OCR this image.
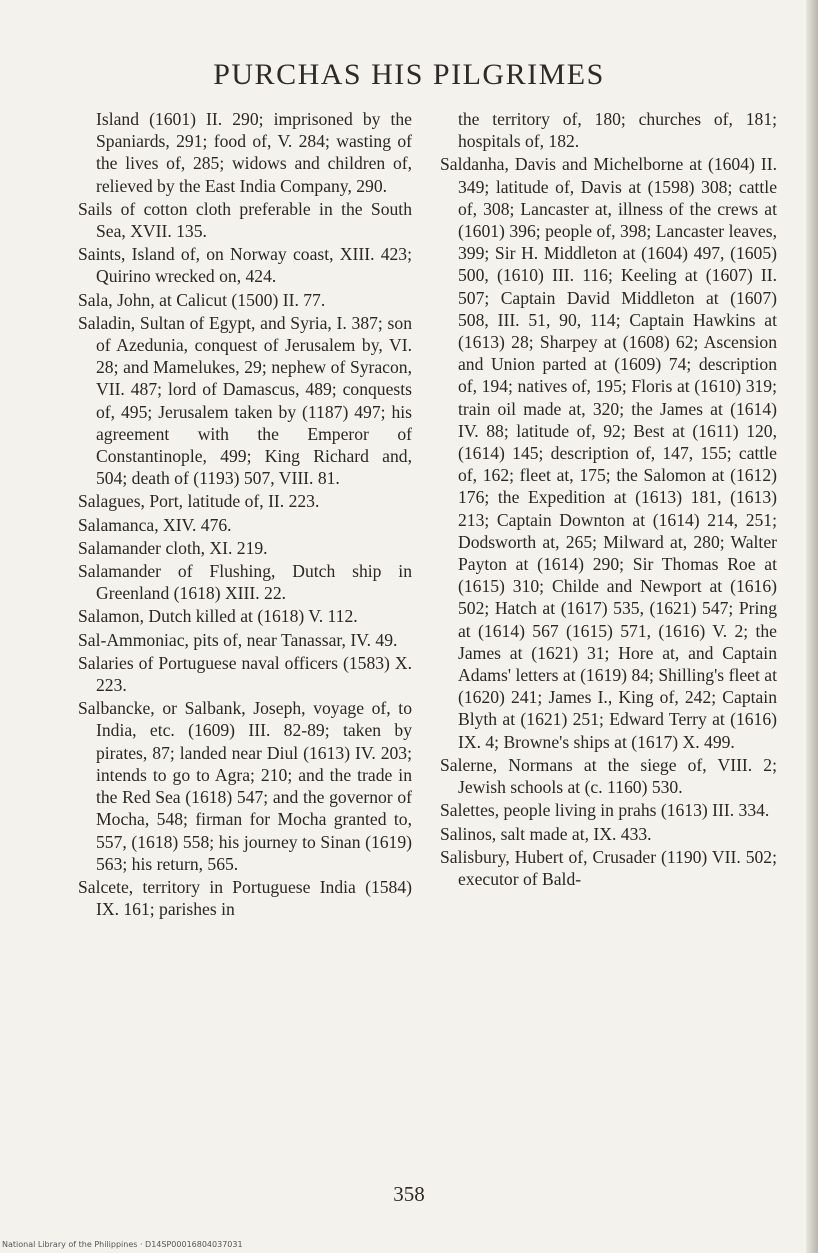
PURCHAS HIS PILGRIMES

Island (1601) II. 290; imprisoned by the Spaniards, 291; food of, V. 284; wasting of the lives of, 285; widows and children of, relieved by the East India Company, 290.

Sails of cotton cloth preferable in the South Sea, XVII. 135.

Saints, Island of, on Norway coast, XIII. 423; Quirino wrecked on, 424.

Sala, John, at Calicut (1500) II. 77.

Saladin, Sultan of Egypt, and Syria, I. 387; son of Azedunia, conquest of Jerusalem by, VI. 28; and Mamelukes, 29; nephew of Syracon, VII. 487; lord of Damascus, 489; conquests of, 495; Jerusalem taken by (1187) 497; his agreement with the Emperor of Constantinople, 499; King Richard and, 504; death of (1193) 507, VIII. 81.

Salagues, Port, latitude of, II. 223.

Salamanca, XIV. 476.

Salamander cloth, XI. 219.

Salamander of Flushing, Dutch ship in Greenland (1618) XIII. 22.

Salamon, Dutch killed at (1618) V. 112.

Sal-Ammoniac, pits of, near Tanassar, IV. 49.

Salaries of Portuguese naval officers (1583) X. 223.

Salbancke, or Salbank, Joseph, voyage of, to India, etc. (1609) III. 82-89; taken by pirates, 87; landed near Diul (1613) IV. 203; intends to go to Agra; 210; and the trade in the Red Sea (1618) 547; and the governor of Mocha, 548; firman for Mocha granted to, 557, (1618) 558; his journey to Sinan (1619) 563; his return, 565.

Salcete, territory in Portuguese India (1584) IX. 161; parishes in

the territory of, 180; churches of, 181; hospitals of, 182.

Saldanha, Davis and Michelborne at (1604) II. 349; latitude of, Davis at (1598) 308; cattle of, 308; Lancaster at, illness of the crews at (1601) 396; people of, 398; Lancaster leaves, 399; Sir H. Middleton at (1604) 497, (1605) 500, (1610) III. 116; Keeling at (1607) II. 507; Captain David Middleton at (1607) 508, III. 51, 90, 114; Captain Hawkins at (1613) 28; Sharpey at (1608) 62; Ascension and Union parted at (1609) 74; description of, 194; natives of, 195; Floris at (1610) 319; train oil made at, 320; the James at (1614) IV. 88; latitude of, 92; Best at (1611) 120, (1614) 145; description of, 147, 155; cattle of, 162; fleet at, 175; the Salomon at (1612) 176; the Expedition at (1613) 181, (1613) 213; Captain Downton at (1614) 214, 251; Dodsworth at, 265; Milward at, 280; Walter Payton at (1614) 290; Sir Thomas Roe at (1615) 310; Childe and Newport at (1616) 502; Hatch at (1617) 535, (1621) 547; Pring at (1614) 567 (1615) 571, (1616) V. 2; the James at (1621) 31; Hore at, and Captain Adams' letters at (1619) 84; Shilling's fleet at (1620) 241; James I., King of, 242; Captain Blyth at (1621) 251; Edward Terry at (1616) IX. 4; Browne's ships at (1617) X. 499.

Salerne, Normans at the siege of, VIII. 2; Jewish schools at (c. 1160) 530.

Salettes, people living in prahs (1613) III. 334.

Salinos, salt made at, IX. 433.

Salisbury, Hubert of, Crusader (1190) VII. 502; executor of Bald-

358
National Library of the Philippines · D14SP00016804037031
